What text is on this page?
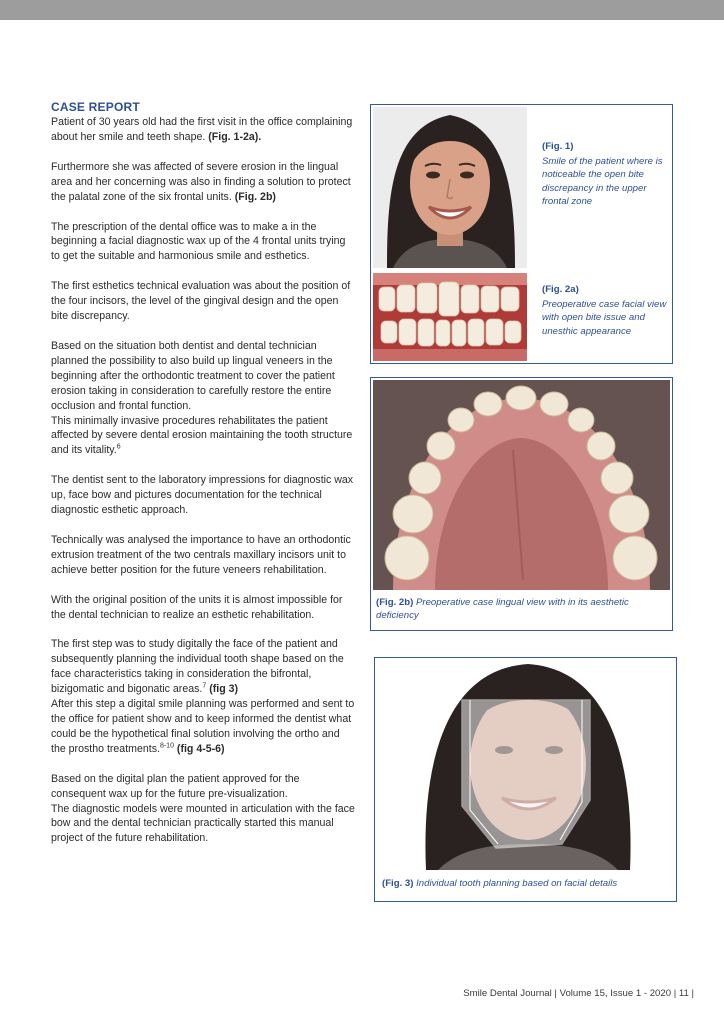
CASE REPORT

Patient of 30 years old had the first visit in the office complaining about her smile and teeth shape. (Fig. 1-2a).

Furthermore she was affected of severe erosion in the lingual area and her concerning was also in finding a solution to protect the palatal zone of the six frontal units. (Fig. 2b)

The prescription of the dental office was to make a in the beginning a facial diagnostic wax up of the 4 frontal units trying to get the suitable and harmonious smile and esthetics.

The first esthetics technical evaluation was about the position of the four incisors, the level of the gingival design and the open bite discrepancy.

Based on the situation both dentist and dental technician planned the possibility to also build up lingual veneers in the beginning after the orthodontic treatment to cover the patient erosion taking in consideration to carefully restore the entire occlusion and frontal function.
This minimally invasive procedures rehabilitates the patient affected by severe dental erosion maintaining the tooth structure and its vitality.$^6$

The dentist sent to the laboratory impressions for diagnostic wax up, face bow and pictures documentation for the technical diagnostic esthetic approach.

Technically was analysed the importance to have an orthodontic extrusion treatment of the two centrals maxillary incisors unit to achieve better position for the future veneers rehabilitation.

With the original position of the units it is almost impossible for the dental technician to realize an esthetic rehabilitation.

The first step was to study digitally the face of the patient and subsequently planning the individual tooth shape based on the face characteristics taking in consideration the bifrontal, bizigomatic and bigonatic areas.$^7$ (fig 3)
After this step a digital smile planning was performed and sent to the office for patient show and to keep informed the dentist what could be the hypothetical final solution involving the ortho and the prostho treatments.$^{8-10}$ (fig 4-5-6)

Based on the digital plan the patient approved for the consequent wax up for the future pre-visualization.
The diagnostic models were mounted in articulation with the face bow and the dental technician practically started this manual project of the future rehabilitation.

(Fig. 1)
Smile of the patient where is noticeable the open bite discrepancy in the upper frontal zone
(Fig. 2a)
Preoperative case facial view with open bite issue and unesthic appearance
(Fig. 2b) Preoperative case lingual view with in its aesthetic deficiency
(Fig. 3) Individual tooth planning based on facial details
Smile Dental Journal | Volume 15, Issue 1 - 2020 | 11 |
